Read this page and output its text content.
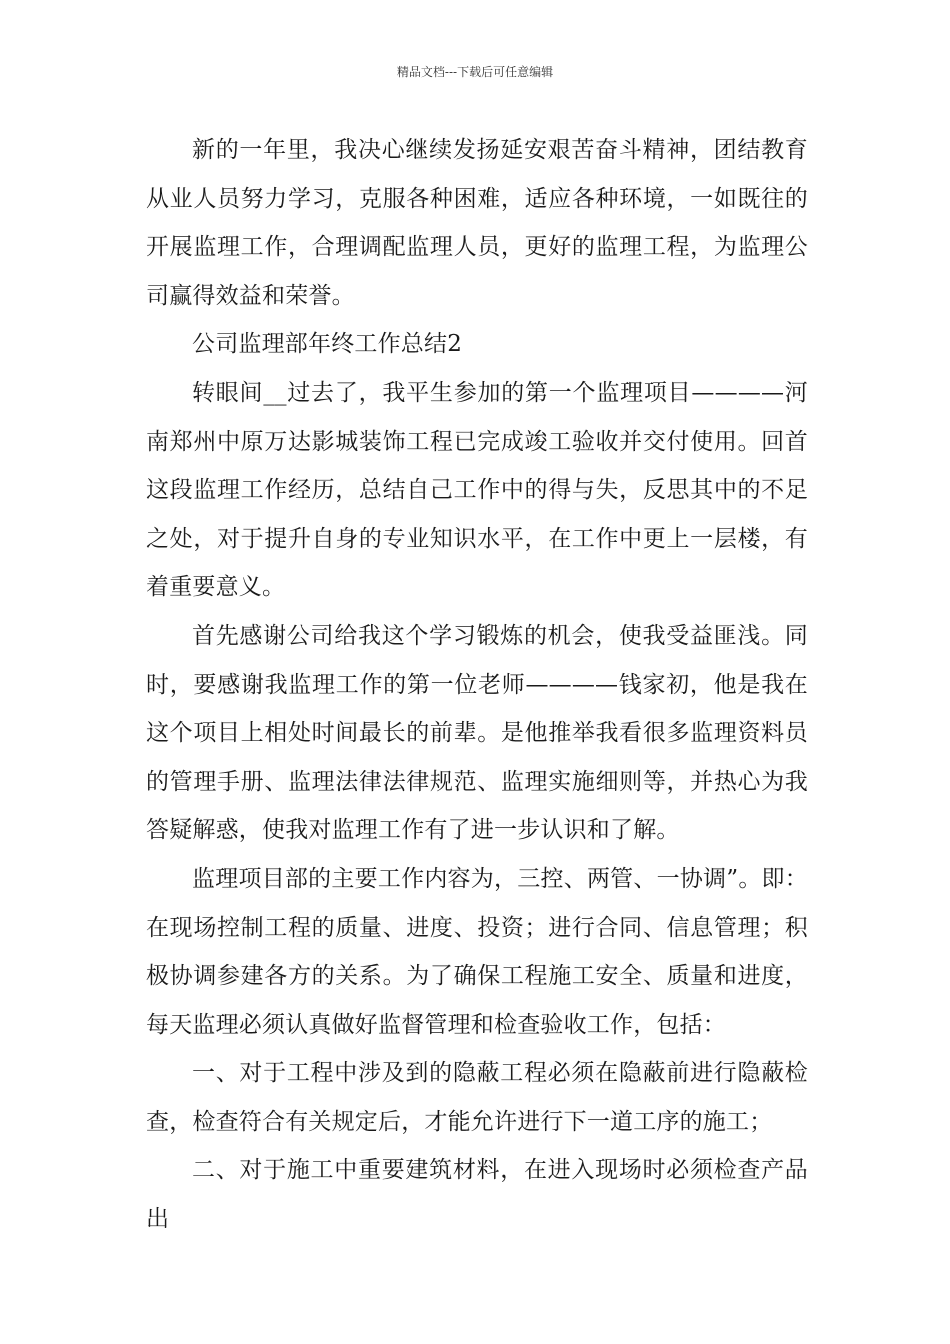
精品文档---下载后可任意编辑

新的一年里，我决心继续发扬延安艰苦奋斗精神，团结教育从业人员努力学习，克服各种困难，适应各种环境，一如既往的开展监理工作，合理调配监理人员，更好的监理工程，为监理公司赢得效益和荣誉。

公司监理部年终工作总结2

转眼间__过去了，我平生参加的第一个监理项目————河南郑州中原万达影城装饰工程已完成竣工验收并交付使用。回首这段监理工作经历，总结自己工作中的得与失，反思其中的不足之处，对于提升自身的专业知识水平，在工作中更上一层楼，有着重要意义。

首先感谢公司给我这个学习锻炼的机会，使我受益匪浅。同时，要感谢我监理工作的第一位老师————钱家初，他是我在这个项目上相处时间最长的前辈。是他推举我看很多监理资料员的管理手册、监理法律法律规范、监理实施细则等，并热心为我答疑解惑，使我对监理工作有了进一步认识和了解。

监理项目部的主要工作内容为，三控、两管、一协调”。即：在现场控制工程的质量、进度、投资；进行合同、信息管理；积极协调参建各方的关系。为了确保工程施工安全、质量和进度，每天监理必须认真做好监督管理和检查验收工作，包括：

一、对于工程中涉及到的隐蔽工程必须在隐蔽前进行隐蔽检查，检查符合有关规定后，才能允许进行下一道工序的施工；

二、对于施工中重要建筑材料，在进入现场时必须检查产品出
